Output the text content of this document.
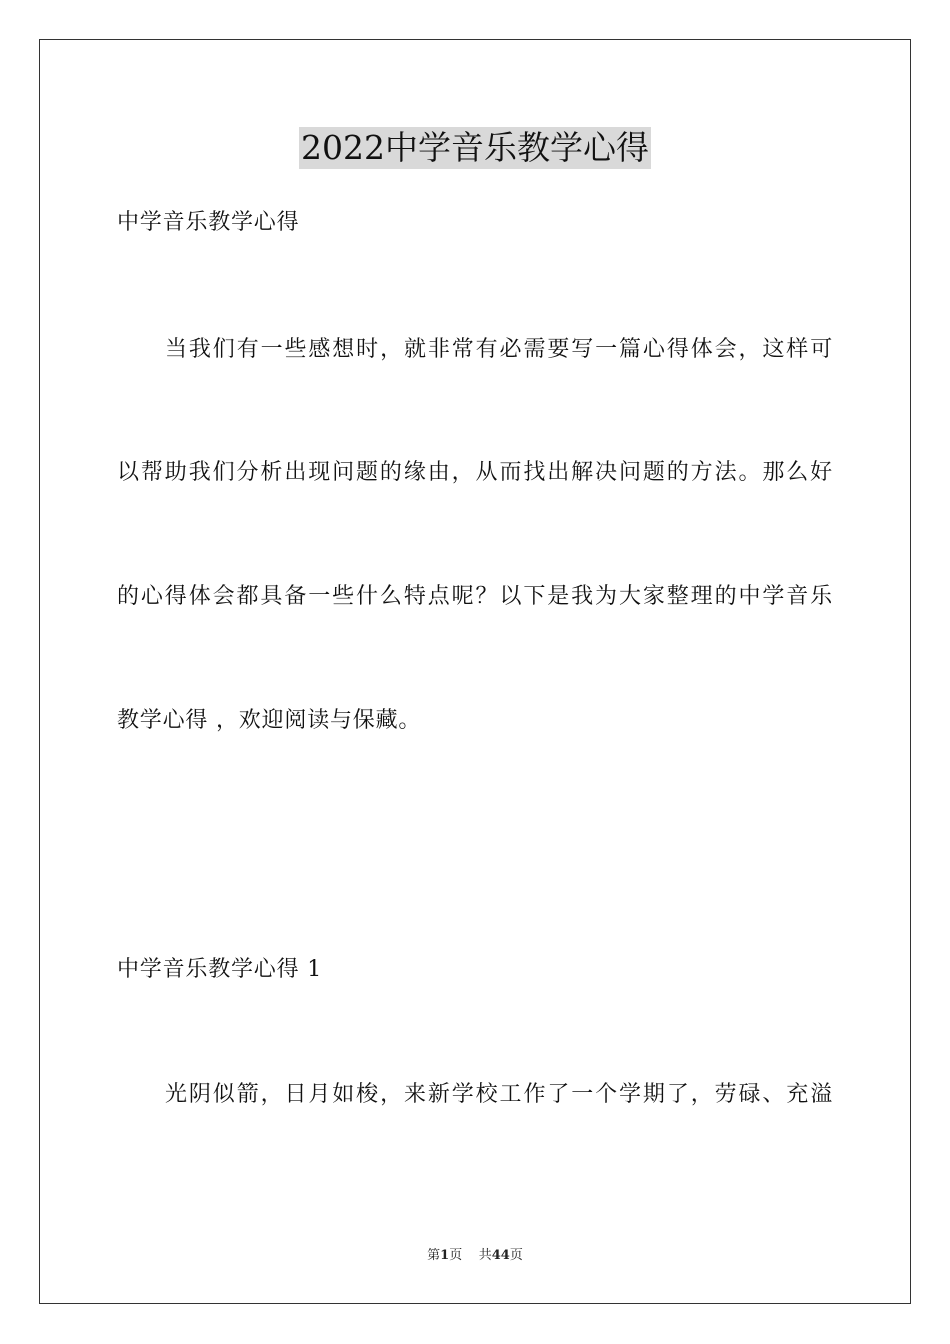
2022中学音乐教学心得
中学音乐教学心得
当我们有一些感想时，就非常有必需要写一篇心得体会，这样可
以帮助我们分析出现问题的缘由，从而找出解决问题的方法。那么好
的心得体会都具备一些什么特点呢？以下是我为大家整理的中学音乐
教学心得 ，欢迎阅读与保藏。
中学音乐教学心得 1
光阴似箭，日月如梭，来新学校工作了一个学期了，劳碌、充溢
第1页 共44页
